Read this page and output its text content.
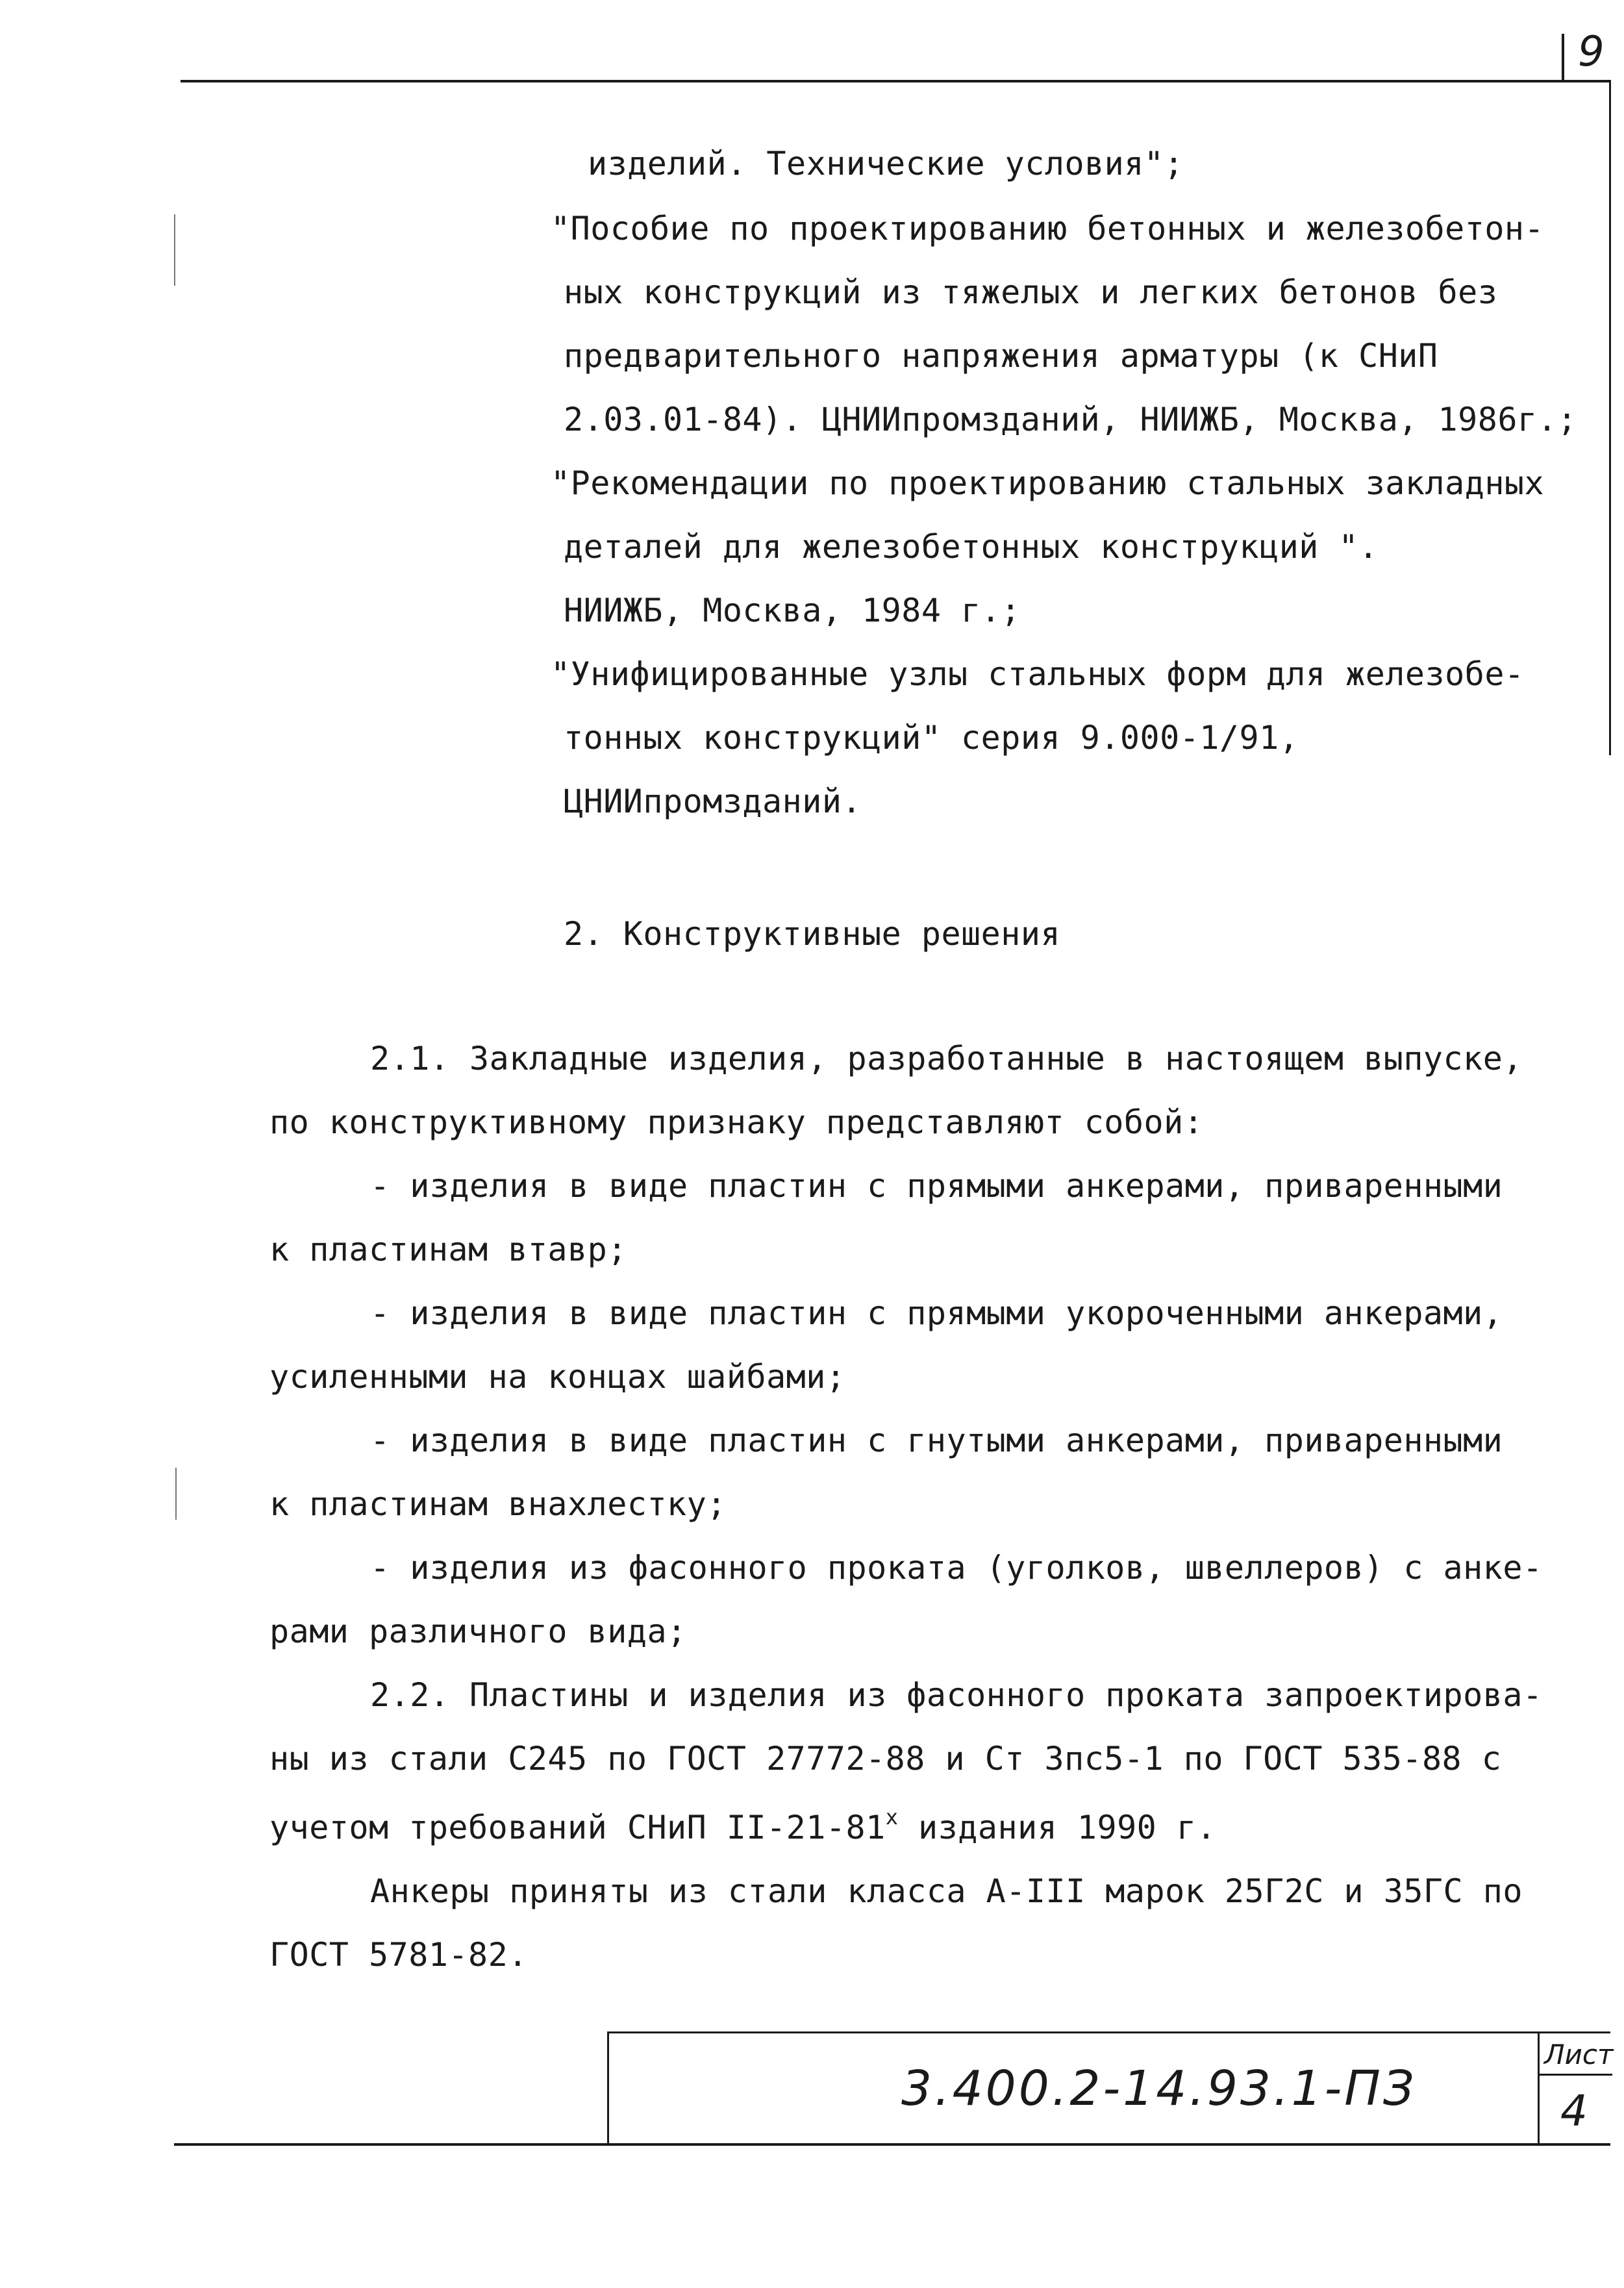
9
изделий. Технические условия";
"Пособие по проектированию бетонных и железобетон-
ных конструкций из тяжелых и легких бетонов без
предварительного напряжения арматуры (к СНиП
2.03.01-84). ЦНИИпромзданий, НИИЖБ, Москва, 1986г.;
"Рекомендации по проектированию стальных закладных
деталей для железобетонных конструкций ".
НИИЖБ, Москва, 1984 г.;
"Унифицированные узлы стальных форм для железобе-
тонных конструкций" серия 9.000-1/91,
ЦНИИпромзданий.
2. Конструктивные решения
2.1. Закладные изделия, разработанные в настоящем выпуске,
по конструктивному признаку представляют собой:
- изделия в виде пластин с прямыми анкерами, приваренными
к пластинам втавр;
- изделия в виде пластин с прямыми укороченными анкерами,
усиленными на концах шайбами;
- изделия в виде пластин с гнутыми анкерами, приваренными
к пластинам внахлестку;
- изделия из фасонного проката (уголков, швеллеров) с анке-
рами различного вида;
2.2. Пластины и изделия из фасонного проката запроектирова-
ны из стали С245 по ГОСТ 27772-88 и Ст 3пс5-1 по ГОСТ 535-88 с
учетом требований СНиП $II-21-81^х$ издания 1990 г.
Анкеры приняты из стали класса А-III марок 25Г2С и 35ГС по
ГОСТ 5781-82.
3.400.2-14.93.1-ПЗ
Лист
4
